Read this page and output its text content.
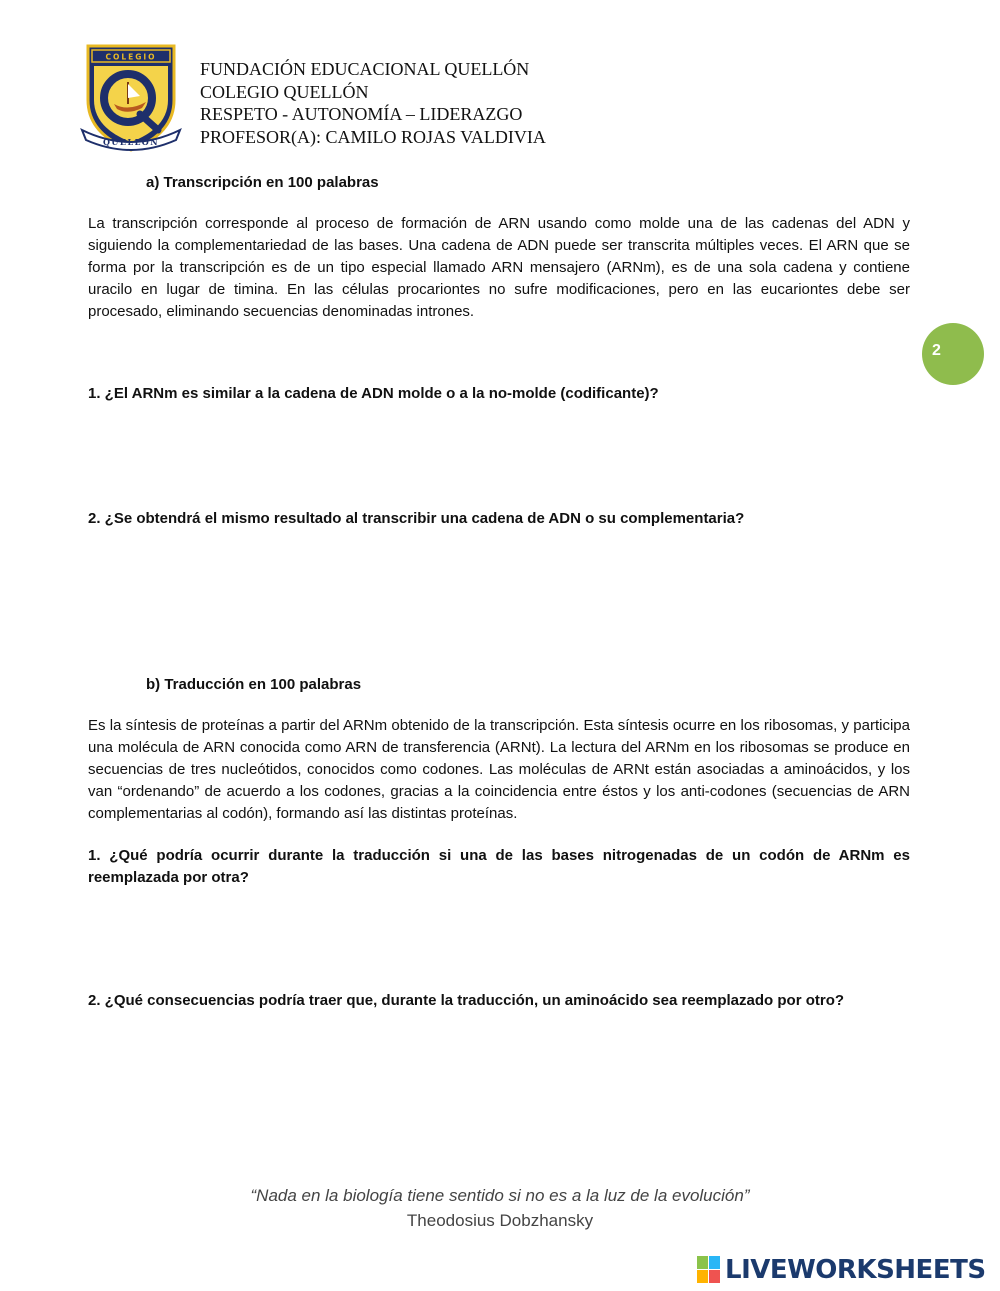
COLEGIO
QUELLÓN
FUNDACIÓN EDUCACIONAL QUELLÓN
COLEGIO QUELLÓN
RESPETO - AUTONOMÍA – LIDERAZGO
PROFESOR(A): CAMILO ROJAS VALDIVIA
a) Transcripción en 100 palabras
La transcripción corresponde al proceso de formación de ARN usando como molde una de las cadenas del ADN y siguiendo la complementariedad de las bases. Una cadena de ADN puede ser transcrita múltiples veces. El ARN que se forma por la transcripción es de un tipo especial llamado ARN mensajero (ARNm), es de una sola cadena y contiene uracilo en lugar de timina. En las células procariontes no sufre modificaciones, pero en las eucariontes debe ser procesado, eliminando secuencias denominadas intrones.
2
1. ¿El ARNm es similar a la cadena de ADN molde o a la no-molde (codificante)?
2. ¿Se obtendrá el mismo resultado al transcribir una cadena de ADN o su complementaria?
b) Traducción en 100 palabras
Es la síntesis de proteínas a partir del ARNm obtenido de la transcripción. Esta síntesis ocurre en los ribosomas, y participa una molécula de ARN conocida como ARN de transferencia (ARNt). La lectura del ARNm en los ribosomas se produce en secuencias de tres nucleótidos, conocidos como codones. Las moléculas de ARNt están asociadas a aminoácidos, y los van “ordenando” de acuerdo a los codones, gracias a la coincidencia entre éstos y los anti-codones (secuencias de ARN complementarias al codón), formando así las distintas proteínas.
1. ¿Qué podría ocurrir durante la traducción si una de las bases nitrogenadas de un codón de ARNm es reemplazada por otra?
2. ¿Qué consecuencias podría traer que, durante la traducción, un aminoácido sea reemplazado por otro?
“Nada en la biología tiene sentido si no es a la luz de la evolución”
Theodosius Dobzhansky
LIVEWORKSHEETS
